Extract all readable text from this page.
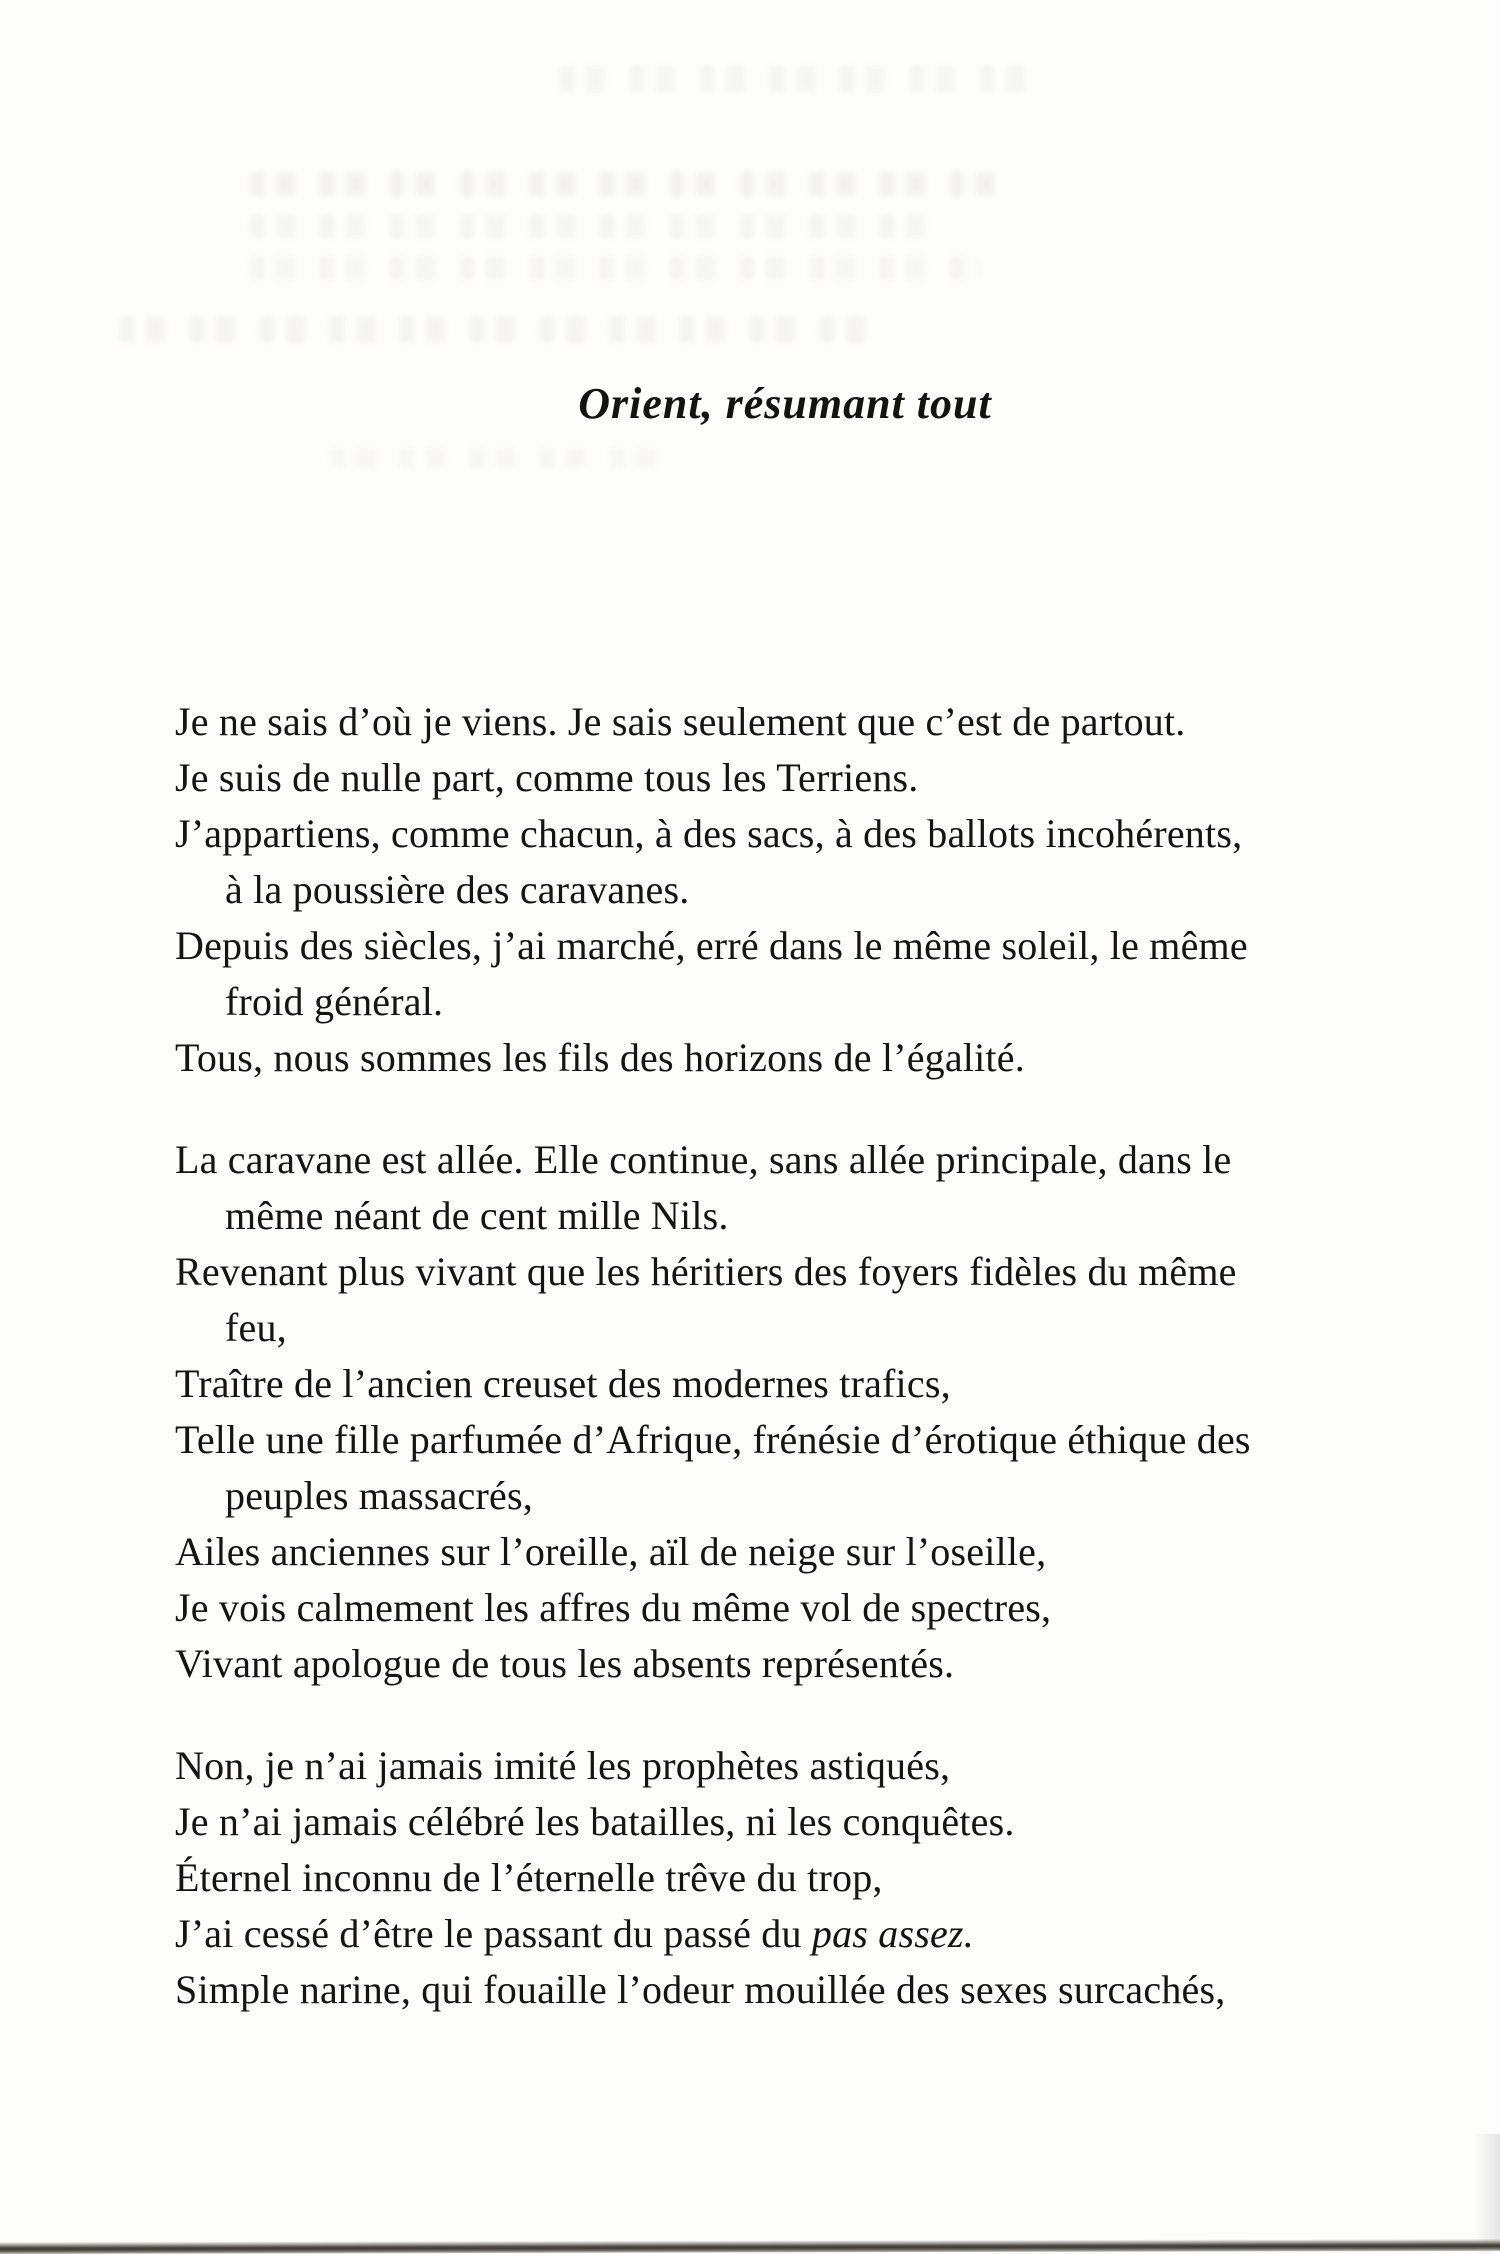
Orient, résumant tout
Je ne sais d’où je viens. Je sais seulement que c’est de partout.
Je suis de nulle part, comme tous les Terriens.
J’appartiens, comme chacun, à des sacs, à des ballots incohérents,
à la poussière des caravanes.
Depuis des siècles, j’ai marché, erré dans le même soleil, le même
froid général.
Tous, nous sommes les fils des horizons de l’égalité.
La caravane est allée. Elle continue, sans allée principale, dans le
même néant de cent mille Nils.
Revenant plus vivant que les héritiers des foyers fidèles du même
feu,
Traître de l’ancien creuset des modernes trafics,
Telle une fille parfumée d’Afrique, frénésie d’érotique éthique des
peuples massacrés,
Ailes anciennes sur l’oreille, aïl de neige sur l’oseille,
Je vois calmement les affres du même vol de spectres,
Vivant apologue de tous les absents représentés.
Non, je n’ai jamais imité les prophètes astiqués,
Je n’ai jamais célébré les batailles, ni les conquêtes.
Éternel inconnu de l’éternelle trêve du trop,
J’ai cessé d’être le passant du passé du pas assez.
Simple narine, qui fouaille l’odeur mouillée des sexes surcachés,
